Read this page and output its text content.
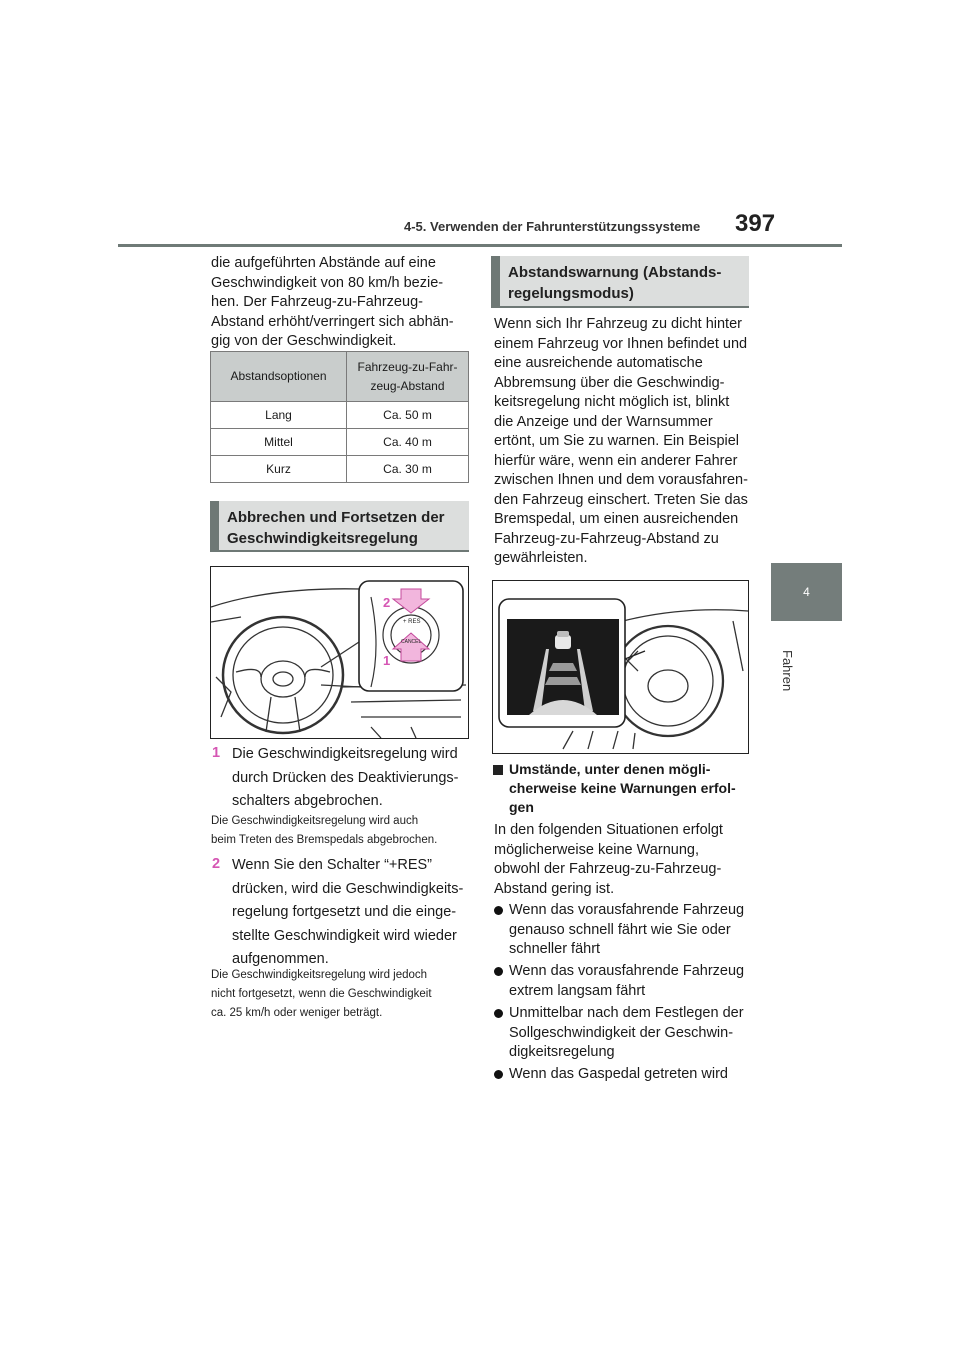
4-5. Verwenden der Fahrunterstützungssysteme 397
4
Fahren
die aufgeführten Abstände auf eine
Geschwindigkeit von 80 km/h bezie-
hen. Der Fahrzeug-zu-Fahrzeug-
Abstand erhöht/verringert sich abhän-
gig von der Geschwindigkeit.
Abstandsoptionen	Fahrzeug-zu-Fahr-
zeug-Abstand
Lang	Ca. 50 m
Mittel	Ca. 40 m
Kurz	Ca. 30 m
Abbrechen und Fortsetzen der
Geschwindigkeitsregelung
2
1
+ RES
CANCEL
1 Die Geschwindigkeitsregelung wird
durch Drücken des Deaktivierungs-
schalters abgebrochen.
Die Geschwindigkeitsregelung wird auch
beim Treten des Bremspedals abgebrochen.
2 Wenn Sie den Schalter “+RES”
drücken, wird die Geschwindigkeits-
regelung fortgesetzt und die einge-
stellte Geschwindigkeit wird wieder
aufgenommen.
Die Geschwindigkeitsregelung wird jedoch
nicht fortgesetzt, wenn die Geschwindigkeit
ca. 25 km/h oder weniger beträgt.
Abstandswarnung (Abstands-
regelungsmodus)
Wenn sich Ihr Fahrzeug zu dicht hinter
einem Fahrzeug vor Ihnen befindet und
eine ausreichende automatische
Abbremsung über die Geschwindig-
keitsregelung nicht möglich ist, blinkt
die Anzeige und der Warnsummer
ertönt, um Sie zu warnen. Ein Beispiel
hierfür wäre, wenn ein anderer Fahrer
zwischen Ihnen und dem vorausfahren-
den Fahrzeug einschert. Treten Sie das
Bremspedal, um einen ausreichenden
Fahrzeug-zu-Fahrzeug-Abstand zu
gewährleisten.
Umstände, unter denen mögli-
cherweise keine Warnungen erfol-
gen
In den folgenden Situationen erfolgt
möglicherweise keine Warnung,
obwohl der Fahrzeug-zu-Fahrzeug-
Abstand gering ist.
Wenn das vorausfahrende Fahrzeug
genauso schnell fährt wie Sie oder
schneller fährt
Wenn das vorausfahrende Fahrzeug
extrem langsam fährt
Unmittelbar nach dem Festlegen der
Sollgeschwindigkeit der Geschwin-
digkeitsregelung
Wenn das Gaspedal getreten wird
